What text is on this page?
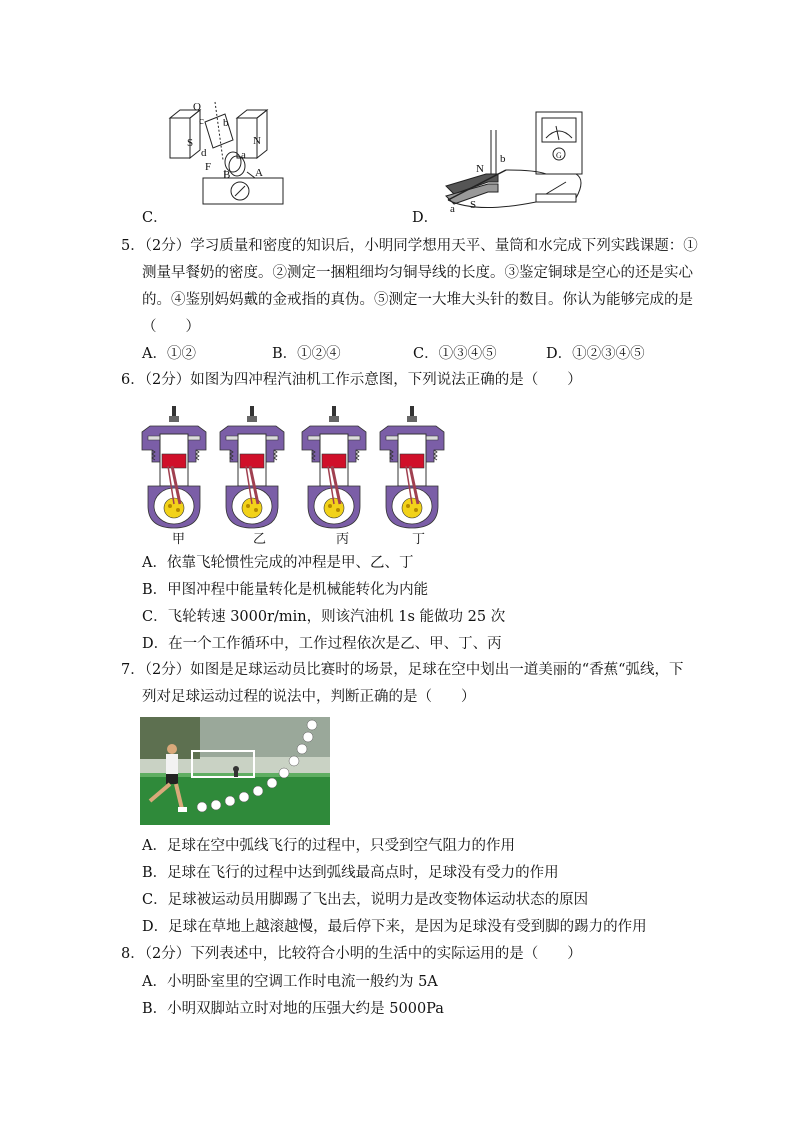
O
c b
S
d	a
N
F
B A
C．
N
b
a S
G
D．
5．（2分）学习质量和密度的知识后，小明同学想用天平、量筒和水完成下列实践课题：①
测量早餐奶的密度。②测定一捆粗细均匀铜导线的长度。③鉴定铜球是空心的还是实心
的。④鉴别妈妈戴的金戒指的真伪。⑤测定一大堆大头针的数目。你认为能够完成的是
（　　）
A．①②	B．①②④	C．①③④⑤	D．①②③④⑤
6．（2分）如图为四冲程汽油机工作示意图，下列说法正确的是（　　）
甲	乙	丙	丁
A．依靠飞轮惯性完成的冲程是甲、乙、丁
B．甲图冲程中能量转化是机械能转化为内能
C．飞轮转速 3000r/min，则该汽油机 1s 能做功 25 次
D．在一个工作循环中，工作过程依次是乙、甲、丁、丙
7．（2分）如图是足球运动员比赛时的场景，足球在空中划出一道美丽的“香蕉“弧线，下
列对足球运动过程的说法中，判断正确的是（　　）
A．足球在空中弧线飞行的过程中，只受到空气阻力的作用
B．足球在飞行的过程中达到弧线最高点时，足球没有受力的作用
C．足球被运动员用脚踢了飞出去，说明力是改变物体运动状态的原因
D．足球在草地上越滚越慢，最后停下来，是因为足球没有受到脚的踢力的作用
8．（2分）下列表述中，比较符合小明的生活中的实际运用的是（　　）
A．小明卧室里的空调工作时电流一般约为 5A
B．小明双脚站立时对地的压强大约是 5000Pa
